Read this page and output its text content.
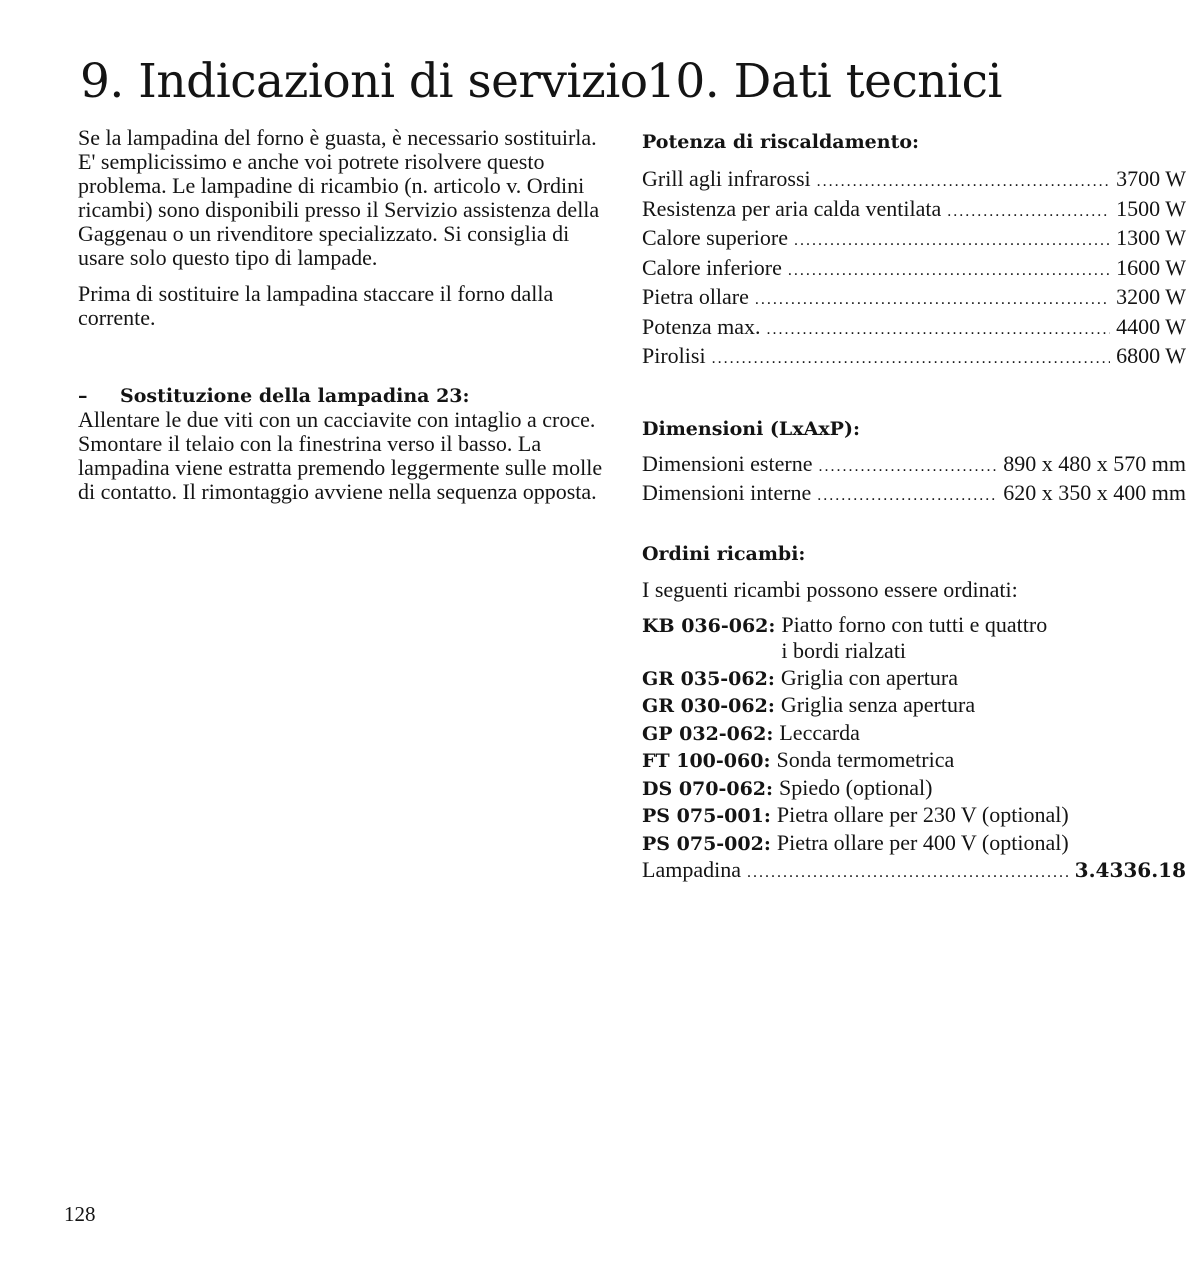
9. Indicazioni di servizio

Se la lampadina del forno è guasta, è necessario sostituirla. E' semplicissimo e anche voi potrete risolvere questo problema. Le lampadine di ricambio (n. articolo v. Ordini ricambi) sono disponibili presso il Servizio assistenza della Gaggenau o un rivenditore specializzato. Si consiglia di usare solo questo tipo di lampade.

Prima di sostituire la lampadina staccare il forno dalla corrente.

– Sostituzione della lampadina 23:

Allentare le due viti con un cacciavite con intaglio a croce. Smontare il telaio con la finestrina verso il basso. La lampadina viene estratta premendo leggermente sulle molle di contatto. Il rimontaggio avviene nella sequenza opposta.

10. Dati tecnici
Potenza di riscaldamento:
Grill agli infrarossi .....	3700 W
Resistenza per aria calda ventilata .....	1500 W
Calore superiore .....	1300 W
Calore inferiore .....	1600 W
Pietra ollare .....	3200 W
Potenza max. .....	4400 W
Pirolisi .....	6800 W
Dimensioni (LxAxP):
Dimensioni esterne .....	890 x 480 x 570 mm
Dimensioni interne .....	620 x 350 x 400 mm
Ordini ricambi:

I seguenti ricambi possono essere ordinati:

KB 036-062: Piatto forno con tutti e quattro
i bordi rialzati
GR 035-062: Griglia con apertura
GR 030-062: Griglia senza apertura
GP 032-062: Leccarda
FT 100-060: Sonda termometrica
DS 070-062: Spiedo (optional)
PS 075-001: Pietra ollare per 230 V (optional)
PS 075-002: Pietra ollare per 400 V (optional)
Lampadina .....	3.4336.18
128
